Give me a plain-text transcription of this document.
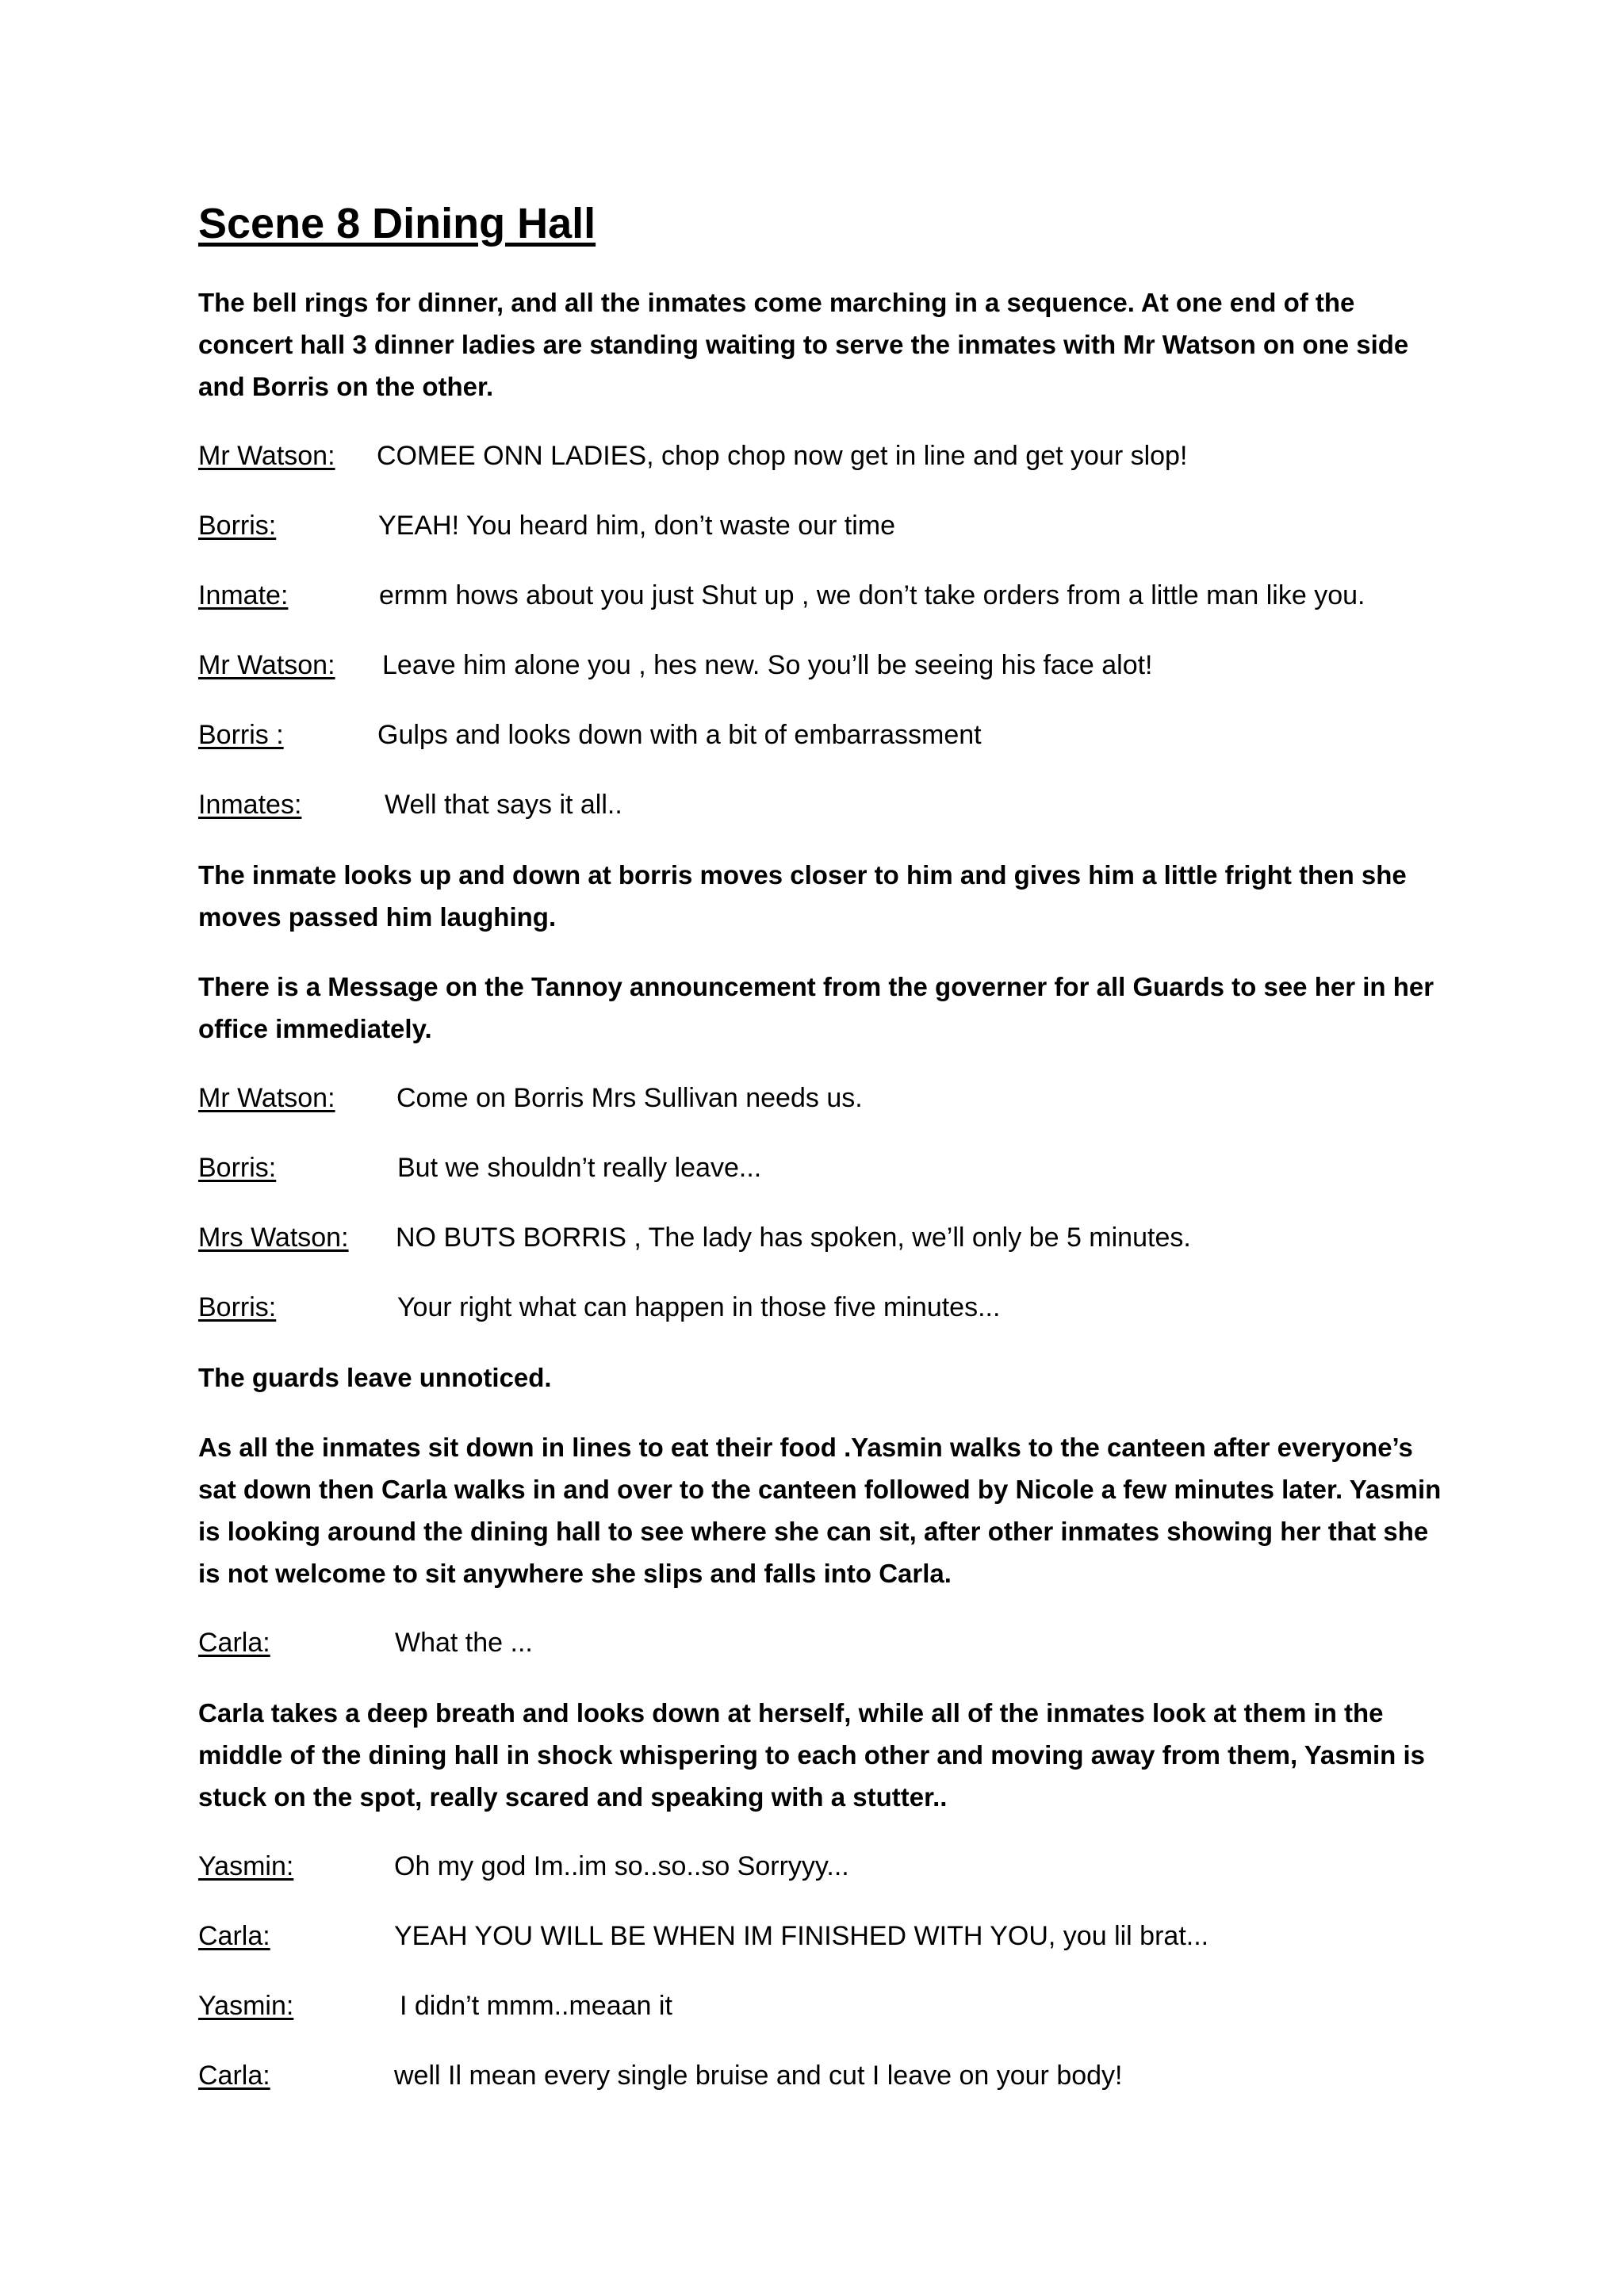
Scene 8 Dining Hall

The bell rings for dinner, and all the inmates come marching in a sequence. At one end of the concert hall 3 dinner ladies are standing waiting to serve the inmates with Mr Watson on one side and Borris on the other.

Mr Watson: COMEE ONN LADIES, chop chop now get in line and get your slop!
Borris:	YEAH! You heard him, don’t waste our time
Inmate:	ermm hows about you just Shut up , we don’t take orders from a little man like you.
Mr Watson: Leave him alone you , hes new. So you’ll be seeing his face alot!
Borris :	Gulps and looks down with a bit of embarrassment
Inmates:	Well that says it all..

The inmate looks up and down at borris moves closer to him and gives him a little fright then she moves passed him laughing.

There is a Message on the Tannoy announcement from the governer for all Guards to see her in her office immediately.

Mr Watson: Come on Borris Mrs Sullivan needs us.
Borris:	But we shouldn’t really leave...
Mrs Watson: NO BUTS BORRIS , The lady has spoken, we’ll only be 5 minutes.
Borris:	Your right what can happen in those five minutes...

The guards leave unnoticed.

As all the inmates sit down in lines to eat their food .Yasmin walks to the canteen after everyone’s sat down then Carla walks in and over to the canteen followed by Nicole a few minutes later. Yasmin is looking around the dining hall to see where she can sit, after other inmates showing her that she is not welcome to sit anywhere she slips and falls into Carla.

Carla:	What the ...

Carla takes a deep breath and looks down at herself, while all of the inmates look at them in the middle of the dining hall in shock whispering to each other and moving away from them, Yasmin is stuck on the spot, really scared and speaking with a stutter..

Yasmin:	Oh my god Im..im so..so..so Sorryyy...
Carla:	YEAH YOU WILL BE WHEN IM FINISHED WITH YOU, you lil brat...
Yasmin:	I didn’t mmm..meaan it
Carla:	well Il mean every single bruise and cut I leave on your body!
